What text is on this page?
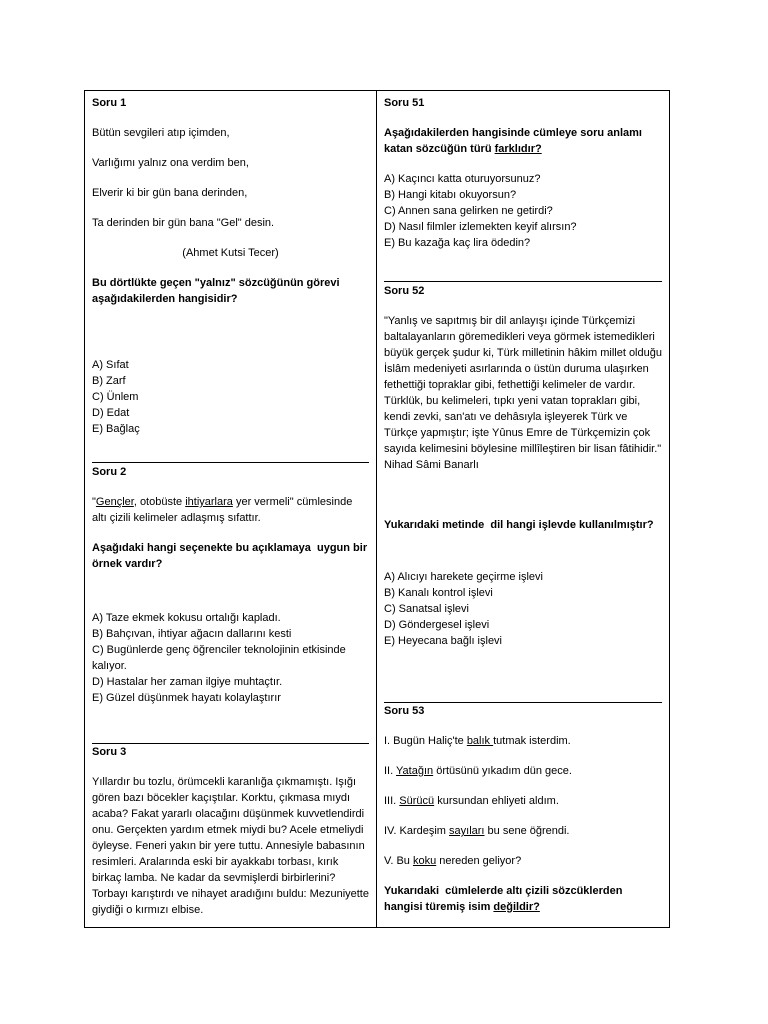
Soru 1
Bütün sevgileri atıp içimden,
Varlığımı yalnız ona verdim ben,
Elverir ki bir gün bana derinden,
Ta derinden bir gün bana "Gel" desin.
(Ahmet Kutsi Tecer)
Bu dörtlükte geçen "yalnız" sözcüğünün görevi aşağıdakilerden hangisidir?
A) Sıfat
B) Zarf
C) Ünlem
D) Edat
E) Bağlaç
Soru 2
"Gençler, otobüste ihtiyarlara yer vermeli" cümlesinde altı çizili kelimeler adlaşmış sıfattır.
Aşağıdaki hangi seçenekte bu açıklamaya  uygun bir örnek vardır?
A) Taze ekmek kokusu ortalığı kapladı.
B) Bahçıvan, ihtiyar ağacın dallarını kesti
C) Bugünlerde genç öğrenciler teknolojinin etkisinde kalıyor.
D) Hastalar her zaman ilgiye muhtaçtır.
E) Güzel düşünmek hayatı kolaylaştırır
Soru 3
Yıllardır bu tozlu, örümcekli karanlığa çıkmamıştı. Işığı gören bazı böcekler kaçıştılar. Korktu, çıkmasa mıydı acaba? Fakat yararlı olacağını düşünmek kuvvetlendirdi onu. Gerçekten yardım etmek miydi bu? Acele etmeliydi öyleyse. Feneri yakın bir yere tuttu. Annesiyle babasının resimleri. Aralarında eski bir ayakkabı torbası, kırık birkaç lamba. Ne kadar da sevmişlerdi birbirlerini? Torbayı karıştırdı ve nihayet aradığını buldu: Mezuniyette giydiği o kırmızı elbise.
Soru 51
Aşağıdakilerden hangisinde cümleye soru anlamı katan sözcüğün türü farklıdır?
A) Kaçıncı katta oturuyorsunuz?
B) Hangi kitabı okuyorsun?
C) Annen sana gelirken ne getirdi?
D) Nasıl filmler izlemekten keyif alırsın?
E) Bu kazağa kaç lira ödedin?
Soru 52
"Yanlış ve sapıtmış bir dil anlayışı içinde Türkçemizi baltalayanların göremedikleri veya görmek istemedikleri büyük gerçek şudur ki, Türk milletinin hâkim millet olduğu İslâm medeniyeti asırlarında o üstün duruma ulaşırken fethettiği topraklar gibi, fethettiği kelimeler de vardır. Türklük, bu kelimeleri, tıpkı yeni vatan toprakları gibi, kendi zevki, san'atı ve dehâsıyla işleyerek Türk ve Türkçe yapmıştır; işte Yûnus Emre de Türkçemizin çok sayıda kelimesini böylesine millîleştiren bir lisan fâtihidir."
Nihad Sâmi Banarlı
Yukarıdaki metinde  dil hangi işlevde kullanılmıştır?
A) Alıcıyı harekete geçirme işlevi
B) Kanalı kontrol işlevi
C) Sanatsal işlevi
D) Göndergesel işlevi
E) Heyecana bağlı işlevi
Soru 53
I. Bugün Haliç'te balık tutmak isterdim.
II. Yatağın örtüsünü yıkadım dün gece.
III. Sürücü kursundan ehliyeti aldım.
IV. Kardeşim sayıları bu sene öğrendi.
V. Bu koku nereden geliyor?
Yukarıdaki  cümlelerde altı çizili sözcüklerden hangisi türemiş isim değildir?
